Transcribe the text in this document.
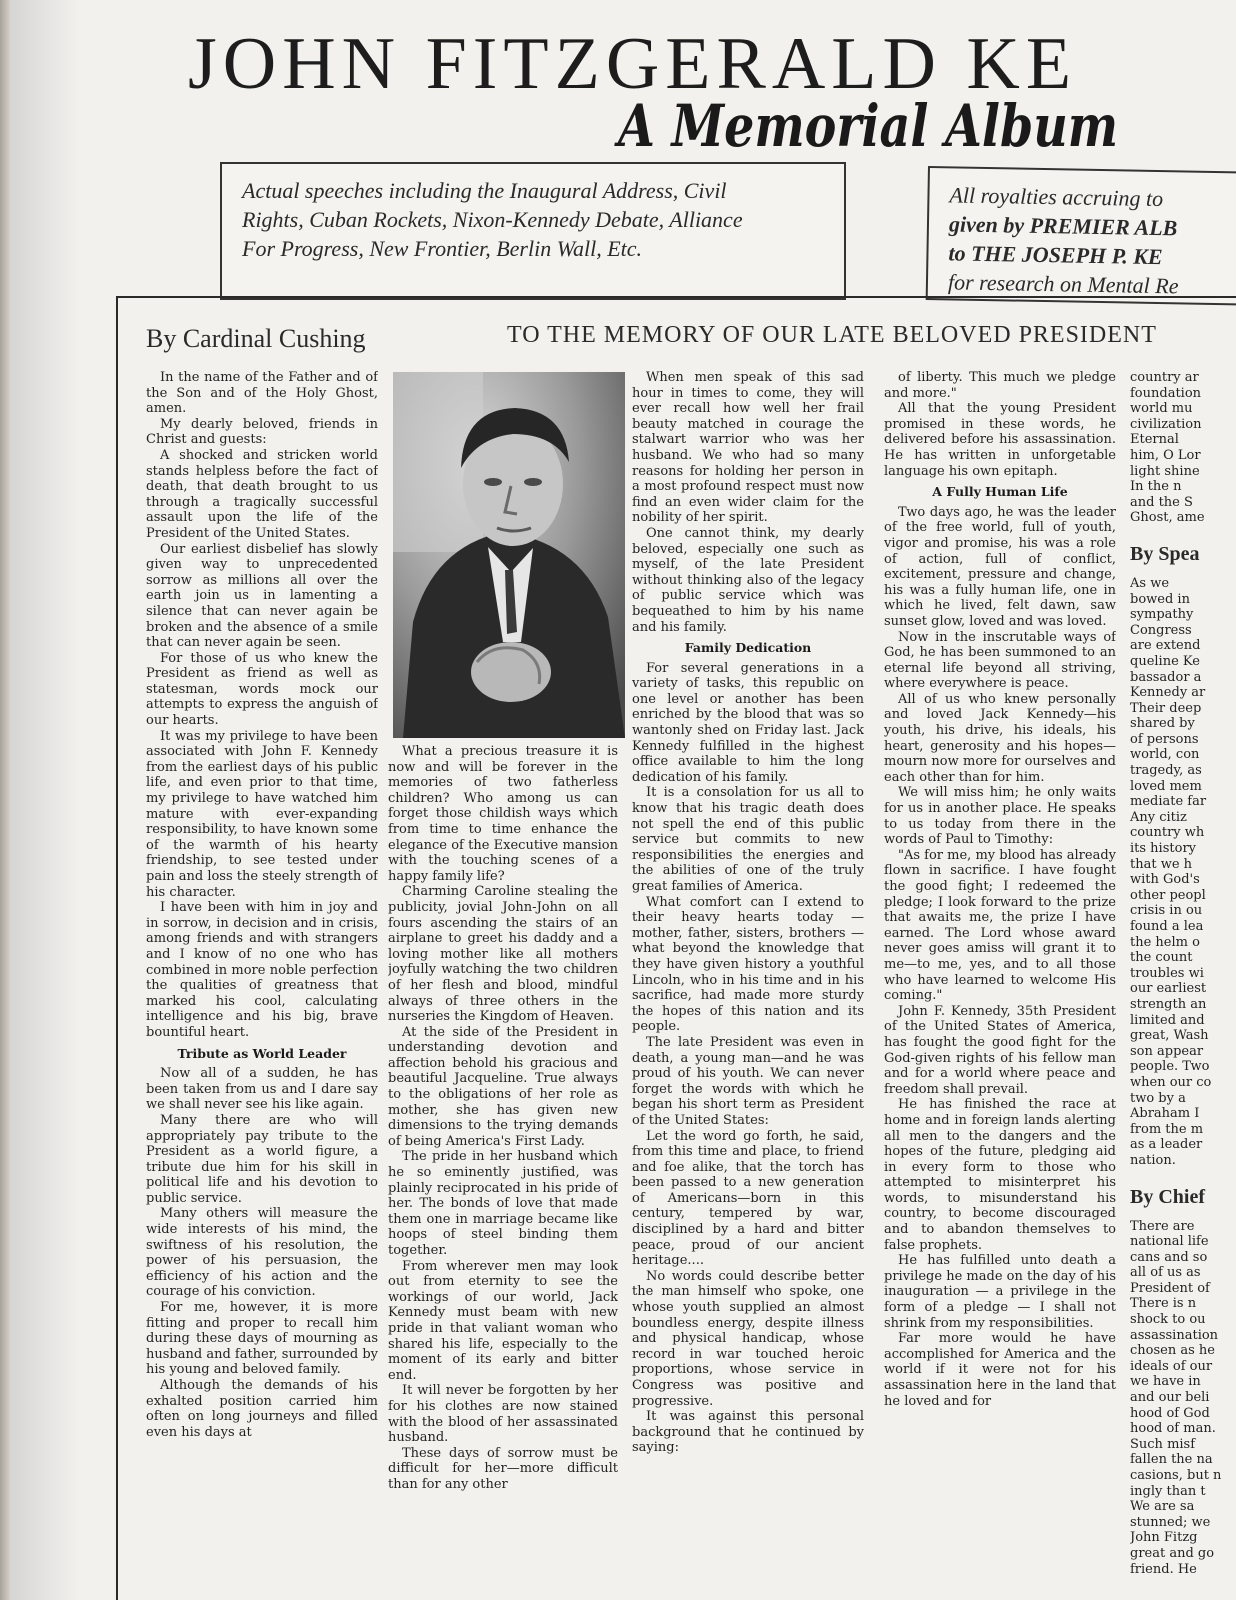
JOHN FITZGERALD KE
A Memorial Album
Actual speeches including the Inaugural Address, Civil
Rights, Cuban Rockets, Nixon-Kennedy Debate, Alliance
For Progress, New Frontier, Berlin Wall, Etc.
All royalties accruing to
given by PREMIER ALB
to THE JOSEPH P. KE
for research on Mental Re
By Cardinal Cushing	TO THE MEMORY OF OUR LATE BELOVED PRESIDENT

In the name of the Father and of the Son and of the Holy Ghost, amen.

My dearly beloved, friends in Christ and guests:

A shocked and stricken world stands helpless before the fact of death, that death brought to us through a tragically successful assault upon the life of the President of the United States.

Our earliest disbelief has slowly given way to unprecedented sorrow as millions all over the earth join us in lamenting a silence that can never again be broken and the absence of a smile that can never again be seen.

For those of us who knew the President as friend as well as statesman, words mock our attempts to express the anguish of our hearts.

It was my privilege to have been associated with John F. Kennedy from the earliest days of his public life, and even prior to that time, my privilege to have watched him mature with ever-expanding responsibility, to have known some of the warmth of his hearty friendship, to see tested under pain and loss the steely strength of his character.

I have been with him in joy and in sorrow, in decision and in crisis, among friends and with strangers and I know of no one who has combined in more noble perfection the qualities of greatness that marked his cool, calculating intelligence and his big, brave bountiful heart.

Tribute as World Leader

Now all of a sudden, he has been taken from us and I dare say we shall never see his like again.

Many there are who will appropriately pay tribute to the President as a world figure, a tribute due him for his skill in political life and his devotion to public service.

Many others will measure the wide interests of his mind, the swiftness of his resolution, the power of his persuasion, the efficiency of his action and the courage of his conviction.

For me, however, it is more fitting and proper to recall him during these days of mourning as husband and father, surrounded by his young and beloved family.

Although the demands of his exhalted position carried him often on long journeys and filled even his days at

What a precious treasure it is now and will be forever in the memories of two fatherless children? Who among us can forget those childish ways which from time to time enhance the elegance of the Executive mansion with the touching scenes of a happy family life?

Charming Caroline stealing the publicity, jovial John-John on all fours ascending the stairs of an airplane to greet his daddy and a loving mother like all mothers joyfully watching the two children of her flesh and blood, mindful always of three others in the nurseries the Kingdom of Heaven.

At the side of the President in understanding devotion and affection behold his gracious and beautiful Jacqueline. True always to the obligations of her role as mother, she has given new dimensions to the trying demands of being America's First Lady.

The pride in her husband which he so eminently justified, was plainly reciprocated in his pride of her. The bonds of love that made them one in marriage became like hoops of steel binding them together.

From wherever men may look out from eternity to see the workings of our world, Jack Kennedy must beam with new pride in that valiant woman who shared his life, especially to the moment of its early and bitter end.

It will never be forgotten by her for his clothes are now stained with the blood of her assassinated husband.

These days of sorrow must be difficult for her—more difficult than for any other

When men speak of this sad hour in times to come, they will ever recall how well her frail beauty matched in courage the stalwart warrior who was her husband. We who had so many reasons for holding her person in a most profound respect must now find an even wider claim for the nobility of her spirit.

One cannot think, my dearly beloved, especially one such as myself, of the late President without thinking also of the legacy of public service which was bequeathed to him by his name and his family.

Family Dedication

For several generations in a variety of tasks, this republic on one level or another has been enriched by the blood that was so wantonly shed on Friday last. Jack Kennedy fulfilled in the highest office available to him the long dedication of his family.

It is a consolation for us all to know that his tragic death does not spell the end of this public service but commits to new responsibilities the energies and the abilities of one of the truly great families of America.

What comfort can I extend to their heavy hearts today — mother, father, sisters, brothers — what beyond the knowledge that they have given history a youthful Lincoln, who in his time and in his sacrifice, had made more sturdy the hopes of this nation and its people.

The late President was even in death, a young man—and he was proud of his youth. We can never forget the words with which he began his short term as President of the United States:

Let the word go forth, he said, from this time and place, to friend and foe alike, that the torch has been passed to a new generation of Americans—born in this century, tempered by war, disciplined by a hard and bitter peace, proud of our ancient heritage....

No words could describe better the man himself who spoke, one whose youth supplied an almost boundless energy, despite illness and physical handicap, whose record in war touched heroic proportions, whose service in Congress was positive and progressive.

It was against this personal background that he continued by saying:

of liberty. This much we pledge and more."

All that the young President promised in these words, he delivered before his assassination. He has written in unforgetable language his own epitaph.

A Fully Human Life

Two days ago, he was the leader of the free world, full of youth, vigor and promise, his was a role of action, full of conflict, excitement, pressure and change, his was a fully human life, one in which he lived, felt dawn, saw sunset glow, loved and was loved.

Now in the inscrutable ways of God, he has been summoned to an eternal life beyond all striving, where everywhere is peace.

All of us who knew personally and loved Jack Kennedy—his youth, his drive, his ideals, his heart, generosity and his hopes—mourn now more for ourselves and each other than for him.

We will miss him; he only waits for us in another place. He speaks to us today from there in the words of Paul to Timothy:

"As for me, my blood has already flown in sacrifice. I have fought the good fight; I redeemed the pledge; I look forward to the prize that awaits me, the prize I have earned. The Lord whose award never goes amiss will grant it to me—to me, yes, and to all those who have learned to welcome His coming."

John F. Kennedy, 35th President of the United States of America, has fought the good fight for the God-given rights of his fellow man and for a world where peace and freedom shall prevail.

He has finished the race at home and in foreign lands alerting all men to the dangers and the hopes of the future, pledging aid in every form to those who attempted to misinterpret his words, to misunderstand his country, to become discouraged and to abandon themselves to false prophets.

He has fulfilled unto death a privilege he made on the day of his inauguration — a privilege in the form of a pledge — I shall not shrink from my responsibilities.

Far more would he have accomplished for America and the world if it were not for his assassination here in the land that he loved and for

country ar

foundation

world mu

civilization

Eternal

him, O Lor

light shine

In the n

and the S

Ghost, ame

By Spea

As we

bowed in

sympathy

Congress

are extend

queline Ke

bassador a

Kennedy ar

Their deep

shared by

of persons

world, con

tragedy, as

loved mem

mediate far

Any citiz

country wh

its history

that we h

with God's

other peopl

crisis in ou

found a lea

the helm o

the count

troubles wi

our earliest

strength an

limited and

great, Wash

son appear

people. Two

when our co

two by a

Abraham I

from the m

as a leader

nation.

By Chief

There are

national life

cans and so

all of us as

President of

There is n

shock to ou

assassination

chosen as he

ideals of our

we have in

and our beli

hood of God

hood of man.

Such misf

fallen the na

casions, but n

ingly than t

We are sa

stunned; we

John Fitzg

great and go

friend. He
